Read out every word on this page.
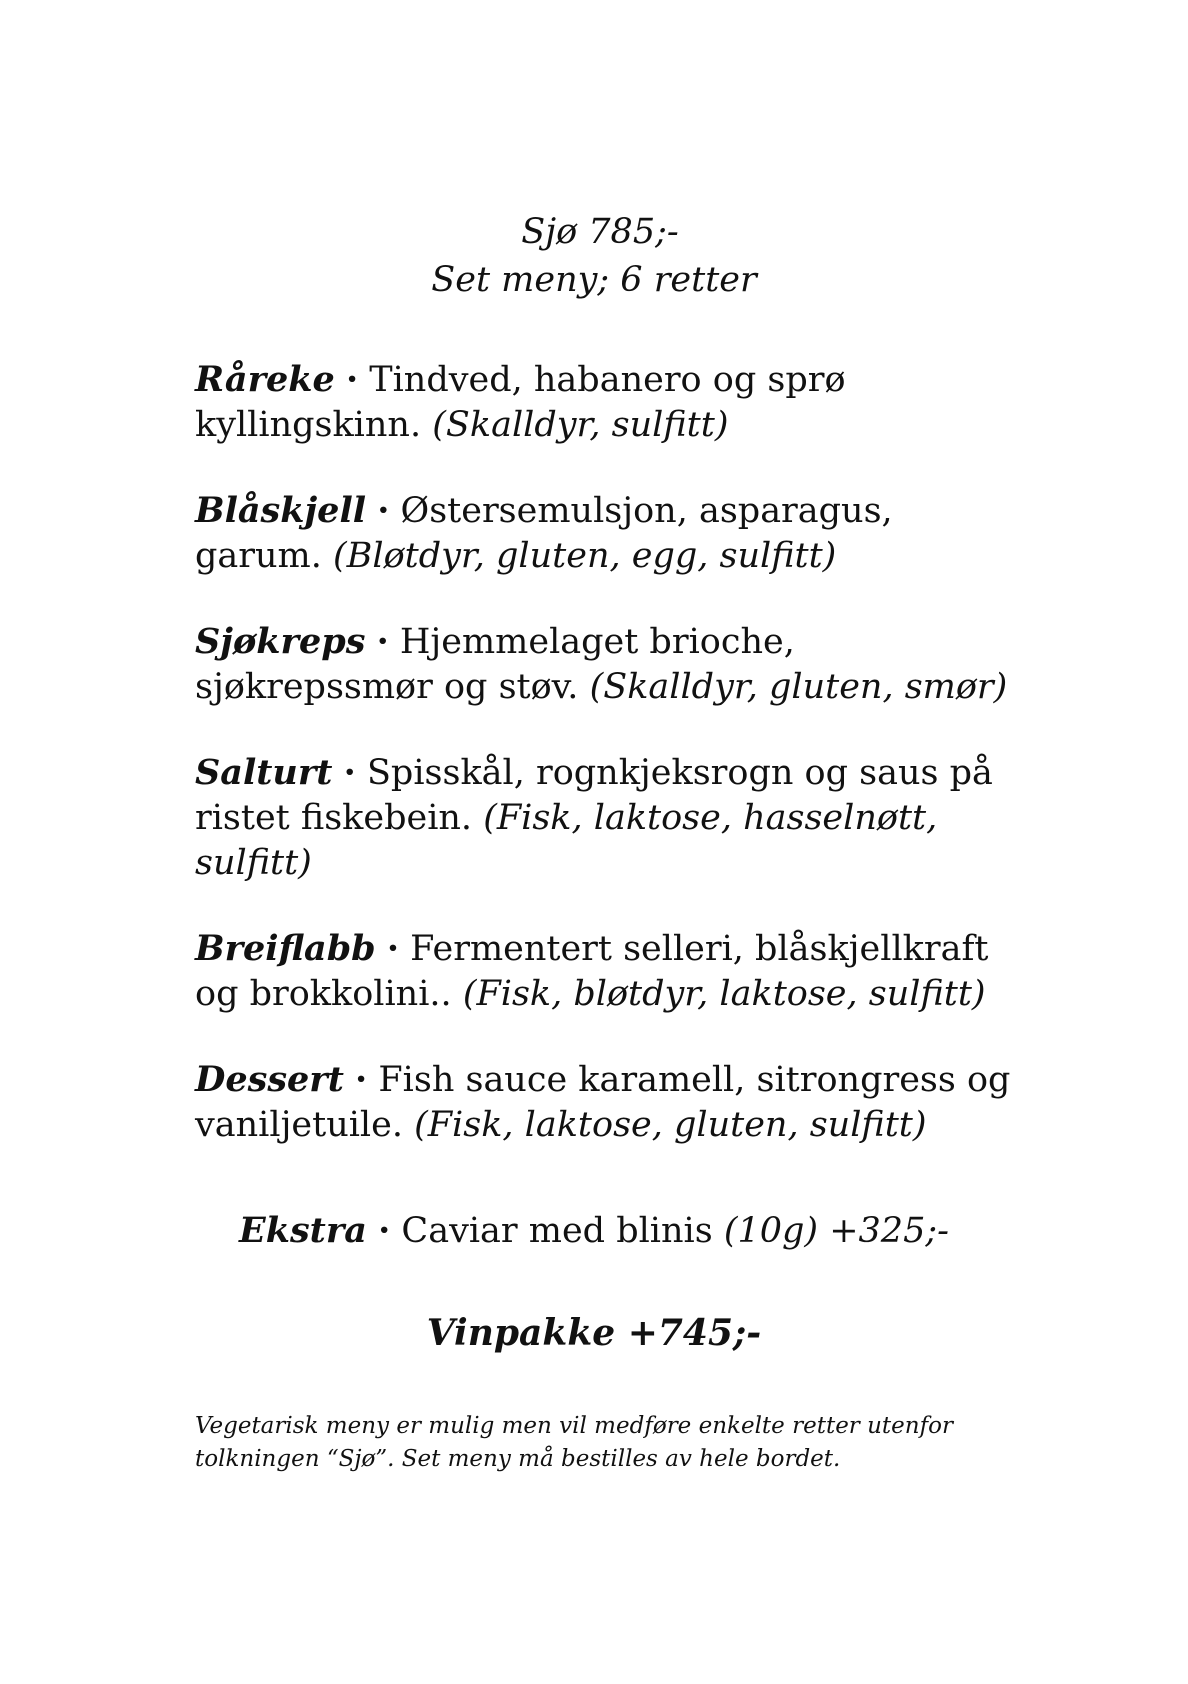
Sjø 785;-
Set meny; 6 retter

Råreke · Tindved, habanero og sprø kyllingskinn. (Skalldyr, sulfitt)

Blåskjell · Østersemulsjon, asparagus, garum. (Bløtdyr, gluten, egg, sulfitt)

Sjøkreps · Hjemmelaget brioche, sjøkrepssmør og støv. (Skalldyr, gluten, smør)

Salturt · Spisskål, rognkjeksrogn og saus på ristet fiskebein. (Fisk, laktose, hasselnøtt, sulfitt)

Breiflabb · Fermentert selleri, blåskjellkraft og brokkolini.. (Fisk, bløtdyr, laktose, sulfitt)

Dessert · Fish sauce karamell, sitrongress og vaniljetuile. (Fisk, laktose, gluten, sulfitt)

Ekstra · Caviar med blinis (10g) +325;-
Vinpakke +745;-
Vegetarisk meny er mulig men vil medføre enkelte retter utenfor tolkningen “Sjø”. Set meny må bestilles av hele bordet.
